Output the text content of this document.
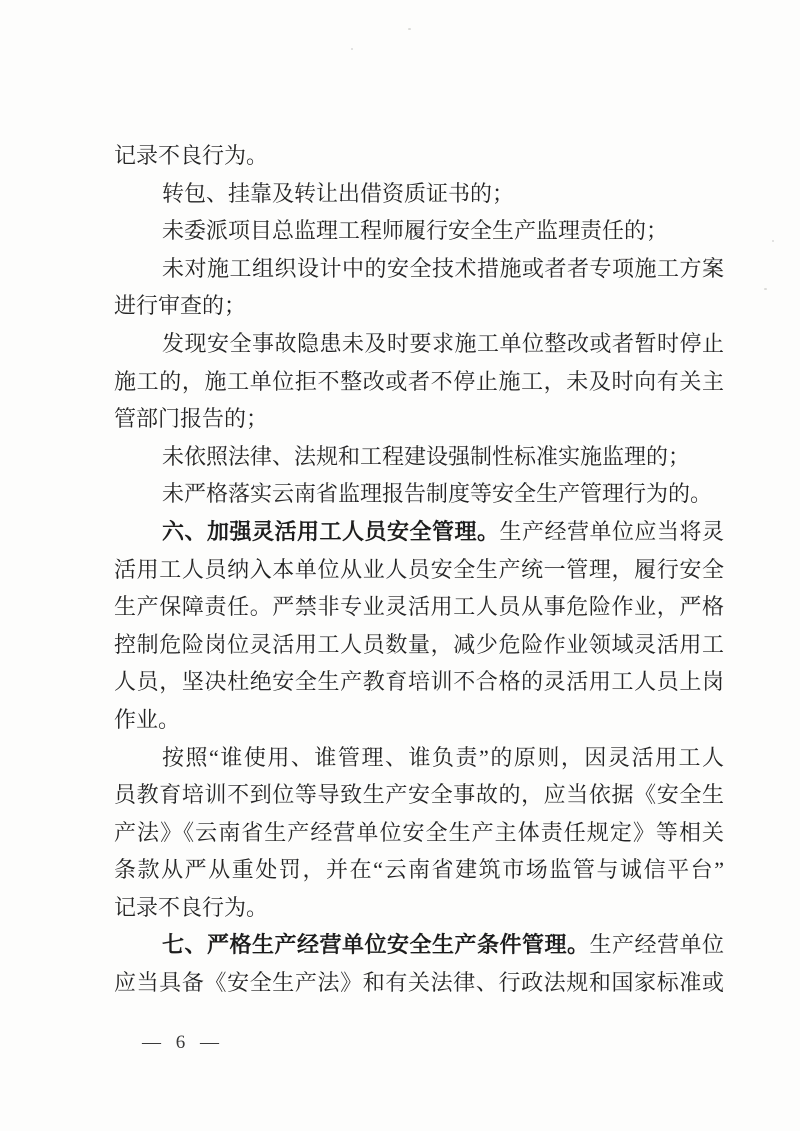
记录不良行为。
转包、挂靠及转让出借资质证书的；
未委派项目总监理工程师履行安全生产监理责任的；
未对施工组织设计中的安全技术措施或者者专项施工方案
进行审查的；
发现安全事故隐患未及时要求施工单位整改或者暂时停止
施工的，施工单位拒不整改或者不停止施工，未及时向有关主
管部门报告的；
未依照法律、法规和工程建设强制性标准实施监理的；
未严格落实云南省监理报告制度等安全生产管理行为的。
六、加强灵活用工人员安全管理。生产经营单位应当将灵
活用工人员纳入本单位从业人员安全生产统一管理，履行安全
生产保障责任。严禁非专业灵活用工人员从事危险作业，严格
控制危险岗位灵活用工人员数量，减少危险作业领域灵活用工
人员，坚决杜绝安全生产教育培训不合格的灵活用工人员上岗
作业。
按照“谁使用、谁管理、谁负责”的原则，因灵活用工人
员教育培训不到位等导致生产安全事故的，应当依据《安全生
产法》《云南省生产经营单位安全生产主体责任规定》等相关
条款从严从重处罚，并在“云南省建筑市场监管与诚信平台”
记录不良行为。
七、严格生产经营单位安全生产条件管理。生产经营单位
应当具备《安全生产法》和有关法律、行政法规和国家标准或
— 6 —
